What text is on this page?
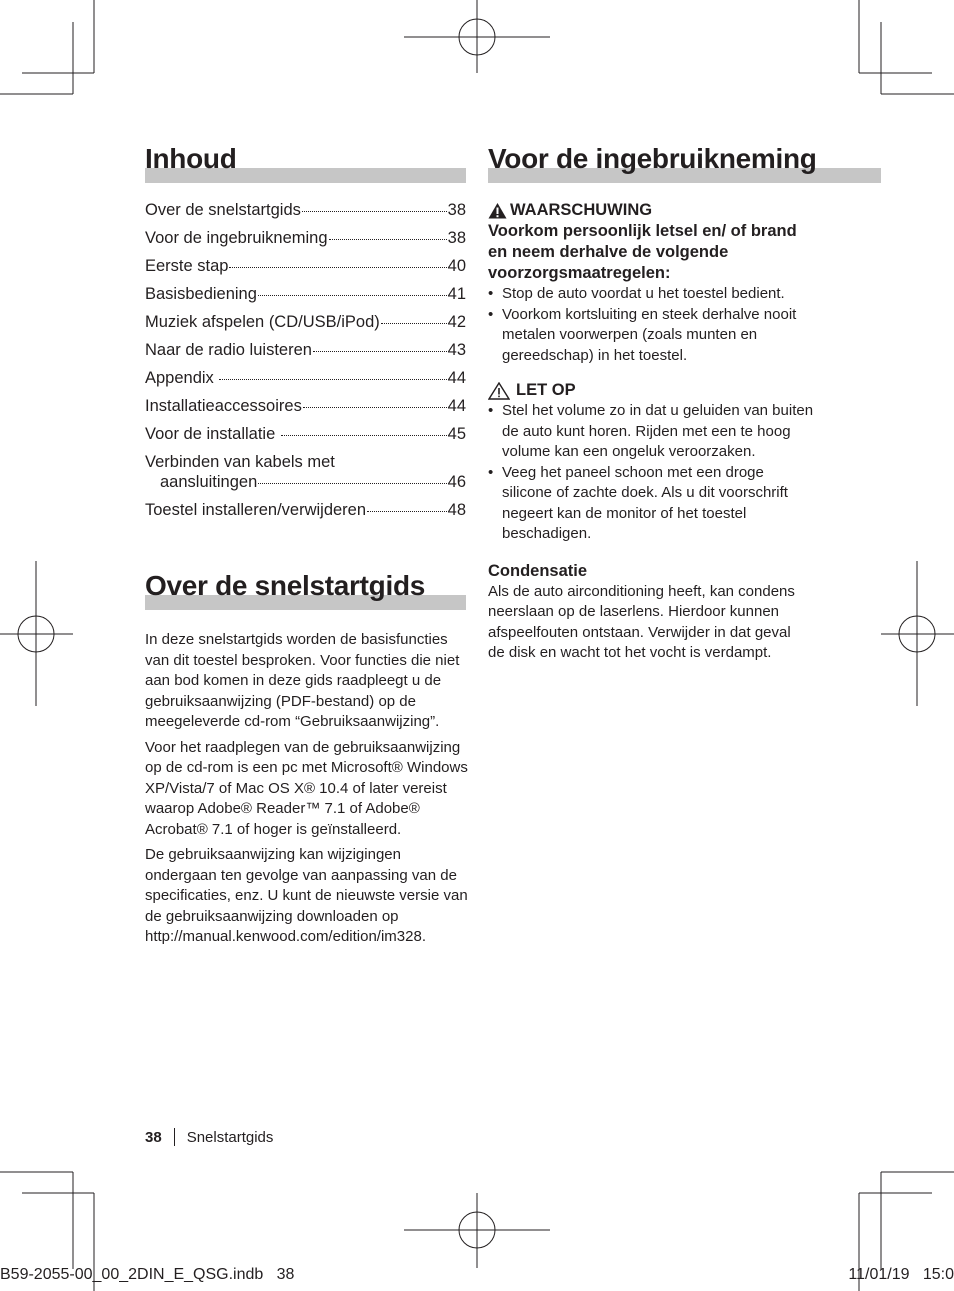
Inhoud
Over de snelstartgids	38
Voor de ingebruikneming	38
Eerste stap	40
Basisbediening	41
Muziek afspelen (CD/USB/iPod)	42
Naar de radio luisteren	43
Appendix	44
Installatieaccessoires	44
Voor de installatie	45
Verbinden van kabels met
aansluitingen	46
Toestel installeren/verwijderen	48
Over de snelstartgids

In deze snelstartgids worden de basisfuncties van dit toestel besproken. Voor functies die niet aan bod komen in deze gids raadpleegt u de gebruiksaanwijzing (PDF-bestand) op de meegeleverde cd-rom “Gebruiksaanwijzing”.

Voor het raadplegen van de gebruiksaanwijzing op de cd-rom is een pc met Microsoft® Windows XP/Vista/7 of Mac OS X® 10.4 of later vereist waarop Adobe® Reader™ 7.1 of Adobe® Acrobat® 7.1 of hoger is geïnstalleerd.

De gebruiksaanwijzing kan wijzigingen ondergaan ten gevolge van aanpassing van de specificaties, enz. U kunt de nieuwste versie van de gebruiksaanwijzing downloaden op http://manual.kenwood.com/edition/im328.

Voor de ingebruikneming
WAARSCHUWING
Voorkom persoonlijk letsel en/ of brand en neem derhalve de volgende voorzorgsmaatregelen:
• Stop de auto voordat u het toestel bedient.
• Voorkom kortsluiting en steek derhalve nooit metalen voorwerpen (zoals munten en gereedschap) in het toestel.
LET OP
• Stel het volume zo in dat u geluiden van buiten de auto kunt horen. Rijden met een te hoog volume kan een ongeluk veroorzaken.
• Veeg het paneel schoon met een droge silicone of zachte doek. Als u dit voorschrift negeert kan de monitor of het toestel beschadigen.
Condensatie

Als de auto airconditioning heeft, kan condens neerslaan op de laserlens. Hierdoor kunnen afspeelfouten ontstaan. Verwijder in dat geval de disk en wacht tot het vocht is verdampt.

38 Snelstartgids
B59-2055-00_00_2DIN_E_QSG.indb   38	11/01/19   15:0
